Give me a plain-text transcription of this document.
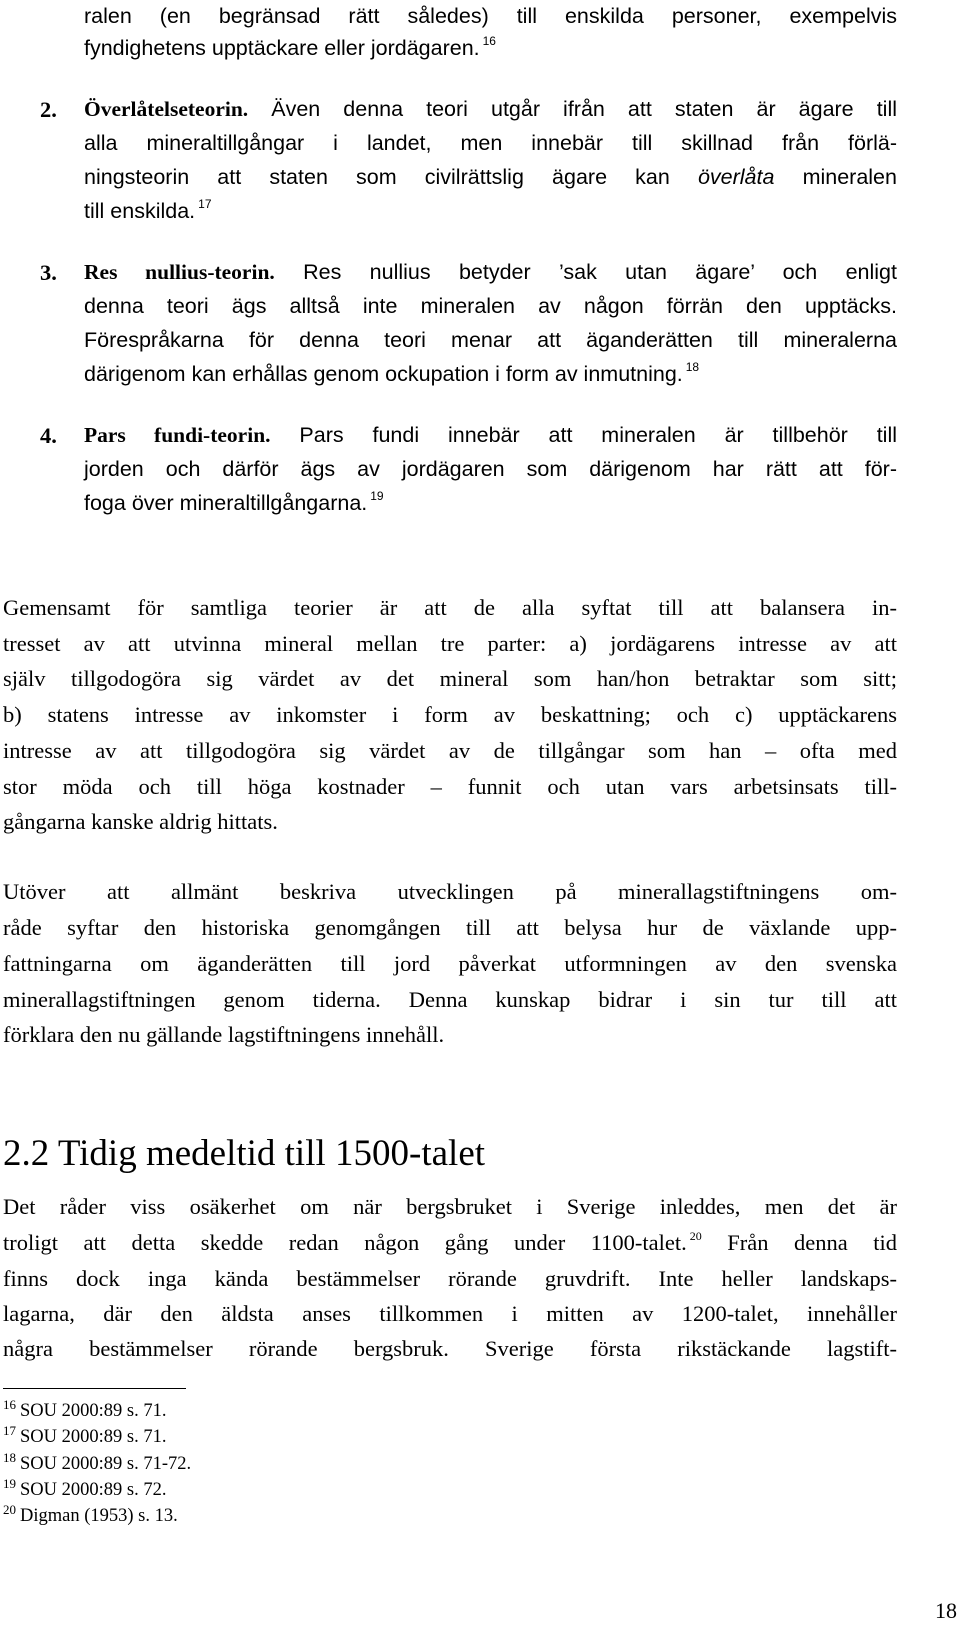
ralen (en begränsad rätt således) till enskilda personer, exempelvis
fyndighetens upptäckare eller jordägaren. $^{16}$
2. Överlåtelseteorin. Även denna teori utgår ifrån att staten är ägare till
alla mineraltillgångar i landet, men innebär till skillnad från förlä-
ningsteorin att staten som civilrättslig ägare kan överlåta mineralen
till enskilda. $^{17}$
3. Res nullius-teorin. Res nullius betyder ’sak utan ägare’ och enligt
denna teori ägs alltså inte mineralen av någon förrän den upptäcks.
Förespråkarna för denna teori menar att äganderätten till mineralerna
därigenom kan erhållas genom ockupation i form av inmutning. $^{18}$
4. Pars fundi-teorin. Pars fundi innebär att mineralen är tillbehör till
jorden och därför ägs av jordägaren som därigenom har rätt att för-
foga över mineraltillgångarna. $^{19}$
Gemensamt för samtliga teorier är att de alla syftat till att balansera in-
tresset av att utvinna mineral mellan tre parter: a) jordägarens intresse av att
själv tillgodogöra sig värdet av det mineral som han/hon betraktar som sitt;
b) statens intresse av inkomster i form av beskattning; och c) upptäckarens
intresse av att tillgodogöra sig värdet av de tillgångar som han – ofta med
stor möda och till höga kostnader – funnit och utan vars arbetsinsats till-
gångarna kanske aldrig hittats.
Utöver att allmänt beskriva utvecklingen på minerallagstiftningens om-
råde syftar den historiska genomgången till att belysa hur de växlande upp-
fattningarna om äganderätten till jord påverkat utformningen av den svenska
minerallagstiftningen genom tiderna. Denna kunskap bidrar i sin tur till att
förklara den nu gällande lagstiftningens innehåll.
2.2 Tidig medeltid till 1500-talet
Det råder viss osäkerhet om när bergsbruket i Sverige inleddes, men det är
troligt att detta skedde redan någon gång under 1100-talet. $^{20}$ Från denna tid
finns dock inga kända bestämmelser rörande gruvdrift. Inte heller landskaps-
lagarna, där den äldsta anses tillkommen i mitten av 1200-talet, innehåller
några bestämmelser rörande bergsbruk. Sverige första rikstäckande lagstift-
$^{16}$ SOU 2000:89 s. 71.
$^{17}$ SOU 2000:89 s. 71.
$^{18}$ SOU 2000:89 s. 71-72.
$^{19}$ SOU 2000:89 s. 72.
$^{20}$ Digman (1953) s. 13.
18
